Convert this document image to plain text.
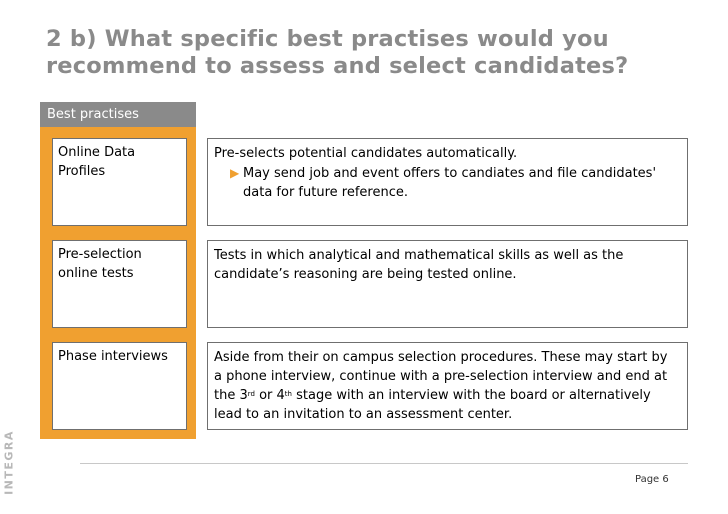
2 b) What specific best practises would you recommend to assess and select candidates?
Best practises
Online Data
Profiles
Pre-selects potential candidates automatically.
▶ May send job and event offers to candiates and file candidates' data for future reference.
Pre-selection
online tests
Tests in which analytical and mathematical skills as well as the candidate’s reasoning are being tested online.
Phase interviews	Aside from their on campus selection procedures. These may start by a phone interview, continue with a pre-selection interview and end at the 3rd or 4th stage with an interview with the board or alternatively lead to an invitation to an assessment center.
Page 6
INTEGRA
